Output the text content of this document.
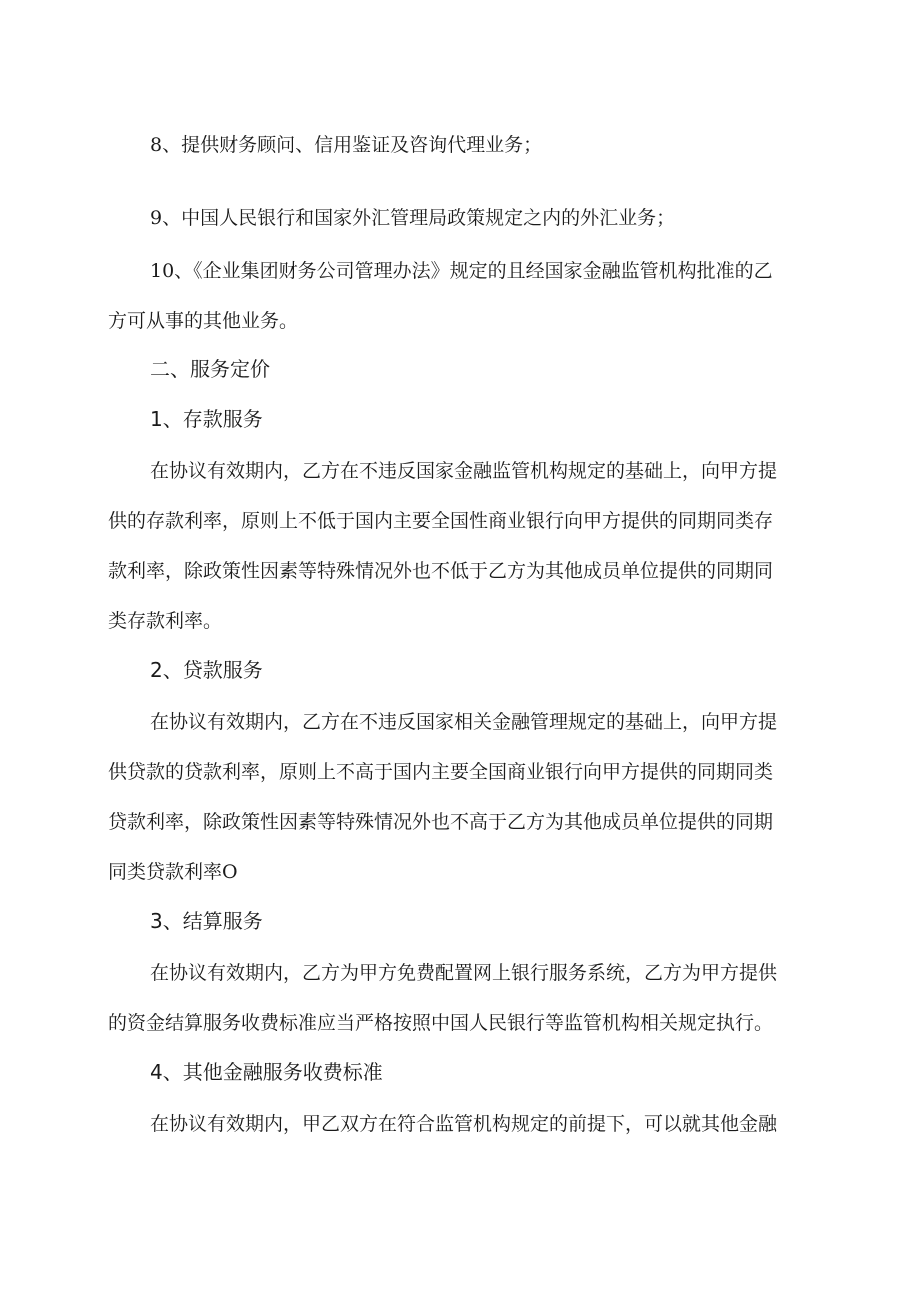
8、提供财务顾问、信用鉴证及咨询代理业务；
9、中国人民银行和国家外汇管理局政策规定之内的外汇业务；
10、《企业集团财务公司管理办法》规定的且经国家金融监管机构批准的乙
方可从事的其他业务。
二、服务定价
1、存款服务
在协议有效期内，乙方在不违反国家金融监管机构规定的基础上，向甲方提
供的存款利率，原则上不低于国内主要全国性商业银行向甲方提供的同期同类存
款利率，除政策性因素等特殊情况外也不低于乙方为其他成员单位提供的同期同
类存款利率。
2、贷款服务
在协议有效期内，乙方在不违反国家相关金融管理规定的基础上，向甲方提
供贷款的贷款利率，原则上不高于国内主要全国商业银行向甲方提供的同期同类
贷款利率，除政策性因素等特殊情况外也不高于乙方为其他成员单位提供的同期
同类贷款利率O
3、结算服务
在协议有效期内，乙方为甲方免费配置网上银行服务系统，乙方为甲方提供
的资金结算服务收费标准应当严格按照中国人民银行等监管机构相关规定执行。
4、其他金融服务收费标准
在协议有效期内，甲乙双方在符合监管机构规定的前提下，可以就其他金融
